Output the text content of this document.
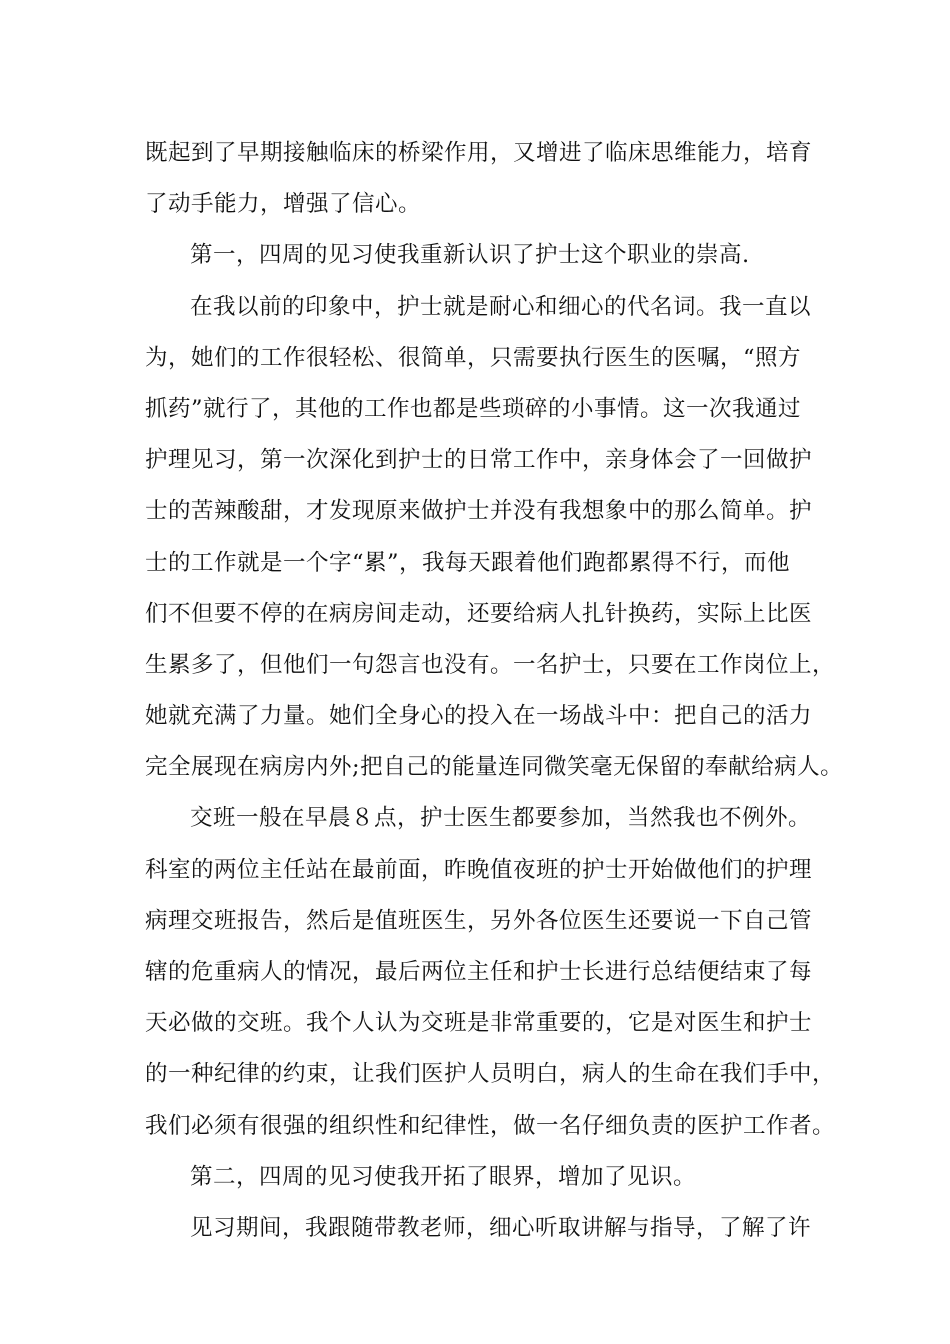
既起到了早期接触临床的桥梁作用，又增进了临床思维能力，培育
了动手能力，增强了信心。
第一，四周的见习使我重新认识了护士这个职业的崇高.
在我以前的印象中，护士就是耐心和细心的代名词。我一直以
为，她们的工作很轻松、很简单，只需要执行医生的医嘱，“照方
抓药”就行了，其他的工作也都是些琐碎的小事情。这一次我通过
护理见习，第一次深化到护士的日常工作中，亲身体会了一回做护
士的苦辣酸甜，才发现原来做护士并没有我想象中的那么简单。护
士的工作就是一个字“累”，我每天跟着他们跑都累得不行，而他
们不但要不停的在病房间走动，还要给病人扎针换药，实际上比医
生累多了，但他们一句怨言也没有。一名护士，只要在工作岗位上，
她就充满了力量。她们全身心的投入在一场战斗中：把自己的活力
完全展现在病房内外;把自己的能量连同微笑毫无保留的奉献给病人。
交班一般在早晨８点，护士医生都要参加，当然我也不例外。
科室的两位主任站在最前面，昨晚值夜班的护士开始做他们的护理
病理交班报告，然后是值班医生，另外各位医生还要说一下自己管
辖的危重病人的情况，最后两位主任和护士长进行总结便结束了每
天必做的交班。我个人认为交班是非常重要的，它是对医生和护士
的一种纪律的约束，让我们医护人员明白，病人的生命在我们手中，
我们必须有很强的组织性和纪律性，做一名仔细负责的医护工作者。
第二，四周的见习使我开拓了眼界，增加了见识。
见习期间，我跟随带教老师，细心听取讲解与指导，了解了许
